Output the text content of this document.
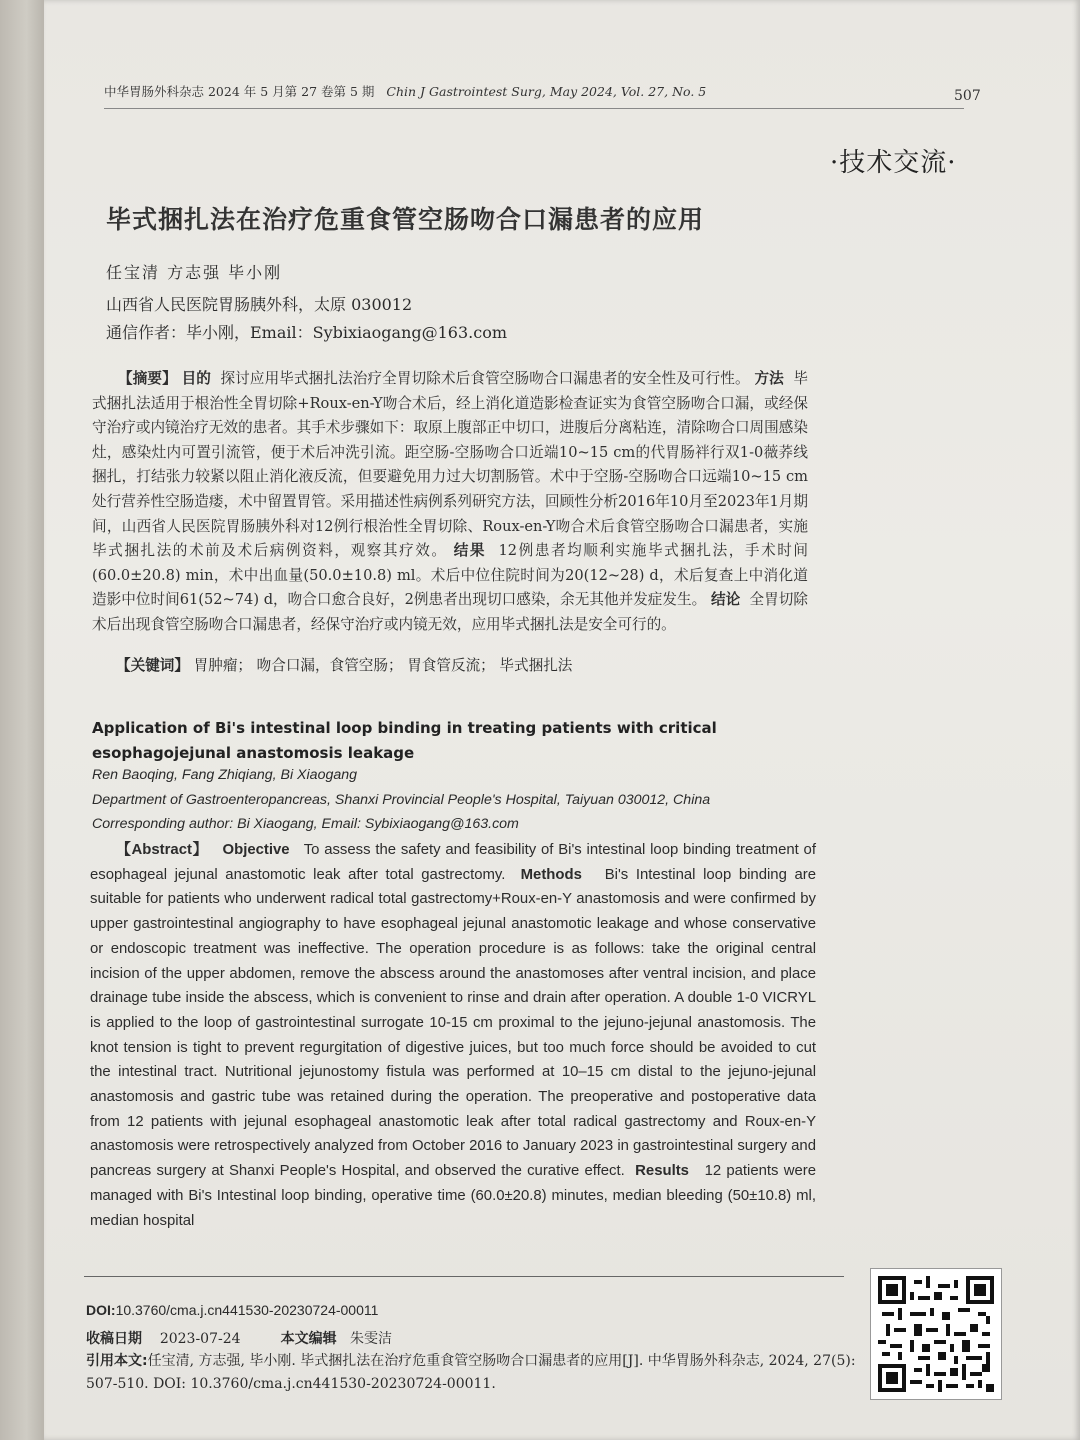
中华胃肠外科杂志 2024 年 5 月第 27 卷第 5 期 Chin J Gastrointest Surg, May 2024, Vol. 27, No. 5	507
·技术交流·
毕式捆扎法在治疗危重食管空肠吻合口漏患者的应用
任宝清 方志强 毕小刚
山西省人民医院胃肠胰外科，太原 030012
通信作者：毕小刚，Email：Sybixiaogang@163.com

【摘要】 目的 探讨应用毕式捆扎法治疗全胃切除术后食管空肠吻合口漏患者的安全性及可行性。 方法 毕式捆扎法适用于根治性全胃切除+Roux-en-Y吻合术后，经上消化道造影检查证实为食管空肠吻合口漏，或经保守治疗或内镜治疗无效的患者。其手术步骤如下：取原上腹部正中切口，进腹后分离粘连，清除吻合口周围感染灶，感染灶内可置引流管，便于术后冲洗引流。距空肠-空肠吻合口近端10~15 cm的代胃肠袢行双1-0薇荞线捆扎，打结张力较紧以阻止消化液反流，但要避免用力过大切割肠管。术中于空肠-空肠吻合口远端10~15 cm处行营养性空肠造瘘，术中留置胃管。采用描述性病例系列研究方法，回顾性分析2016年10月至2023年1月期间，山西省人民医院胃肠胰外科对12例行根治性全胃切除、Roux-en-Y吻合术后食管空肠吻合口漏患者，实施毕式捆扎法的术前及术后病例资料，观察其疗效。 结果 12例患者均顺利实施毕式捆扎法，手术时间(60.0±20.8) min，术中出血量(50.0±10.8) ml。术后中位住院时间为20(12~28) d，术后复查上中消化道造影中位时间61(52~74) d，吻合口愈合良好，2例患者出现切口感染，余无其他并发症发生。 结论 全胃切除术后出现食管空肠吻合口漏患者，经保守治疗或内镜无效，应用毕式捆扎法是安全可行的。

【关键词】 胃肿瘤； 吻合口漏，食管空肠； 胃食管反流； 毕式捆扎法
Application of Bi's intestinal loop binding in treating patients with critical esophagojejunal anastomosis leakage
Ren Baoqing, Fang Zhiqiang, Bi Xiaogang
Department of Gastroenteropancreas, Shanxi Provincial People's Hospital, Taiyuan 030012, China
Corresponding author: Bi Xiaogang, Email: Sybixiaogang@163.com

【Abstract】 Objective To assess the safety and feasibility of Bi's intestinal loop binding treatment of esophageal jejunal anastomotic leak after total gastrectomy. Methods Bi's Intestinal loop binding are suitable for patients who underwent radical total gastrectomy+Roux-en-Y anastomosis and were confirmed by upper gastrointestinal angiography to have esophageal jejunal anastomotic leakage and whose conservative or endoscopic treatment was ineffective. The operation procedure is as follows: take the original central incision of the upper abdomen, remove the abscess around the anastomoses after ventral incision, and place drainage tube inside the abscess, which is convenient to rinse and drain after operation. A double 1-0 VICRYL is applied to the loop of gastrointestinal surrogate 10-15 cm proximal to the jejuno-jejunal anastomosis. The knot tension is tight to prevent regurgitation of digestive juices, but too much force should be avoided to cut the intestinal tract. Nutritional jejunostomy fistula was performed at 10–15 cm distal to the jejuno-jejunal anastomosis and gastric tube was retained during the operation. The preoperative and postoperative data from 12 patients with jejunal esophageal anastomotic leak after total radical gastrectomy and Roux-en-Y anastomosis were retrospectively analyzed from October 2016 to January 2023 in gastrointestinal surgery and pancreas surgery at Shanxi People's Hospital, and observed the curative effect. Results 12 patients were managed with Bi's Intestinal loop binding, operative time (60.0±20.8) minutes, median bleeding (50±10.8) ml, median hospital

DOI:10.3760/cma.j.cn441530-20230724-00011
收稿日期 2023-07-24	本文编辑 朱雯洁
引用本文:任宝清, 方志强, 毕小刚. 毕式捆扎法在治疗危重食管空肠吻合口漏患者的应用[J]. 中华胃肠外科杂志, 2024, 27(5): 507-510. DOI: 10.3760/cma.j.cn441530-20230724-00011.
